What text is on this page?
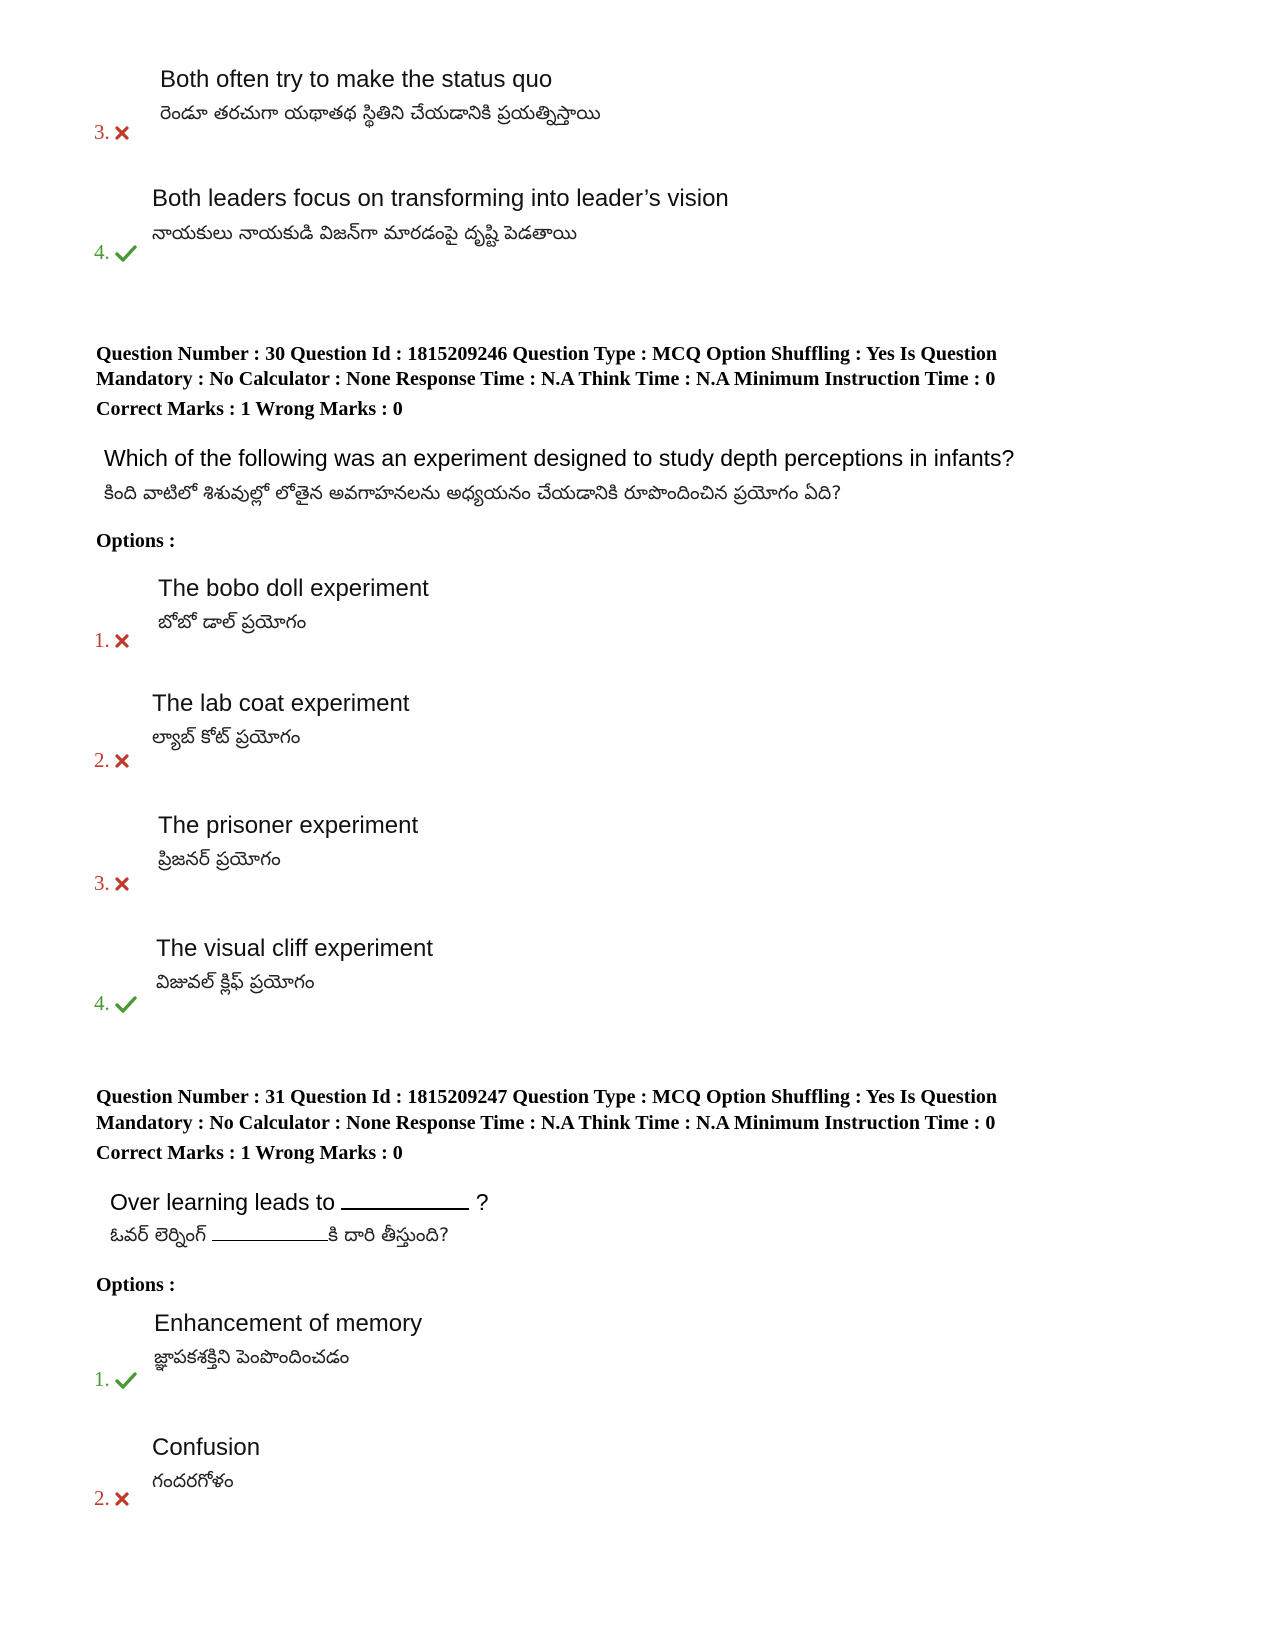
Both often try to make the status quo
రెండూ తరచుగా యథాతథ స్థితిని చేయడానికి ప్రయత్నిస్తాయి
3.
Both leaders focus on transforming into leader’s vision
నాయకులు నాయకుడి విజన్‌గా మారడంపై దృష్టి పెడతాయి
4.

Question Number : 30 Question Id : 1815209246 Question Type : MCQ Option Shuffling : Yes Is Question

Mandatory : No Calculator : None Response Time : N.A Think Time : N.A Minimum Instruction Time : 0

Correct Marks : 1 Wrong Marks : 0

Which of the following was an experiment designed to study depth perceptions in infants?
కింది వాటిలో శిశువుల్లో లోతైన అవగాహనలను అధ్యయనం చేయడానికి రూపొందించిన ప్రయోగం ఏది?
Options :
The bobo doll experiment
బోబో డాల్ ప్రయోగం
1.
The lab coat experiment
ల్యాబ్ కోట్ ప్రయోగం
2.
The prisoner experiment
ప్రిజనర్ ప్రయోగం
3.
The visual cliff experiment
విజువల్ క్లిఫ్ ప్రయోగం
4.

Question Number : 31 Question Id : 1815209247 Question Type : MCQ Option Shuffling : Yes Is Question

Mandatory : No Calculator : None Response Time : N.A Think Time : N.A Minimum Instruction Time : 0

Correct Marks : 1 Wrong Marks : 0

Over learning leads to	?
ఓవర్ లెర్నింగ్	కి దారి తీస్తుంది?
Options :
Enhancement of memory
జ్ఞాపకశక్తిని పెంపొందించడం
1.
Confusion
గందరగోళం
2.
